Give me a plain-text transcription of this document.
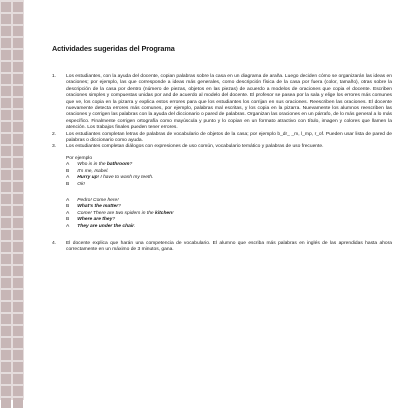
Actividades sugeridas del Programa
1. Los estudiantes, con la ayuda del docente, copian palabras sobre la casa en un diagrama de araña. Luego deciden cómo se organizarán las ideas en oraciones; por ejemplo, las que corresponde a ideas más generales, como descripción física de la casa por fuera (color, tamaño), otras sobre la descripción de la casa por dentro (número de piezas, objetos en las piezas) de acuerdo a modelos de oraciones que copia el docente. Escriben oraciones simples y compuestas unidas por and de acuerdo al modelo del docente. El profesor se pasea por la sala y elige los errores más comunes que ve, los copia en la pizarra y explica estos errores para que los estudiantes los corrijan en sus oraciones. Reescriben las oraciones. El docente nuevamente detecta errores más comunes, por ejemplo, palabras mal escritas, y los copia en la pizarra. Nuevamente los alumnos reescriben las oraciones y corrigen las palabras con la ayuda del diccionario o pared de palabras. Organizan las oraciones en un párrafo, de lo más general a lo más específico. Finalmente corrigen ortografía como mayúscula y punto y lo copian en un formato atractivo con título, imagen y colores que llamen la atención. Los trabajos finales pueden tener errores.
2. Los estudiantes completan letras de palabras de vocabulario de objetos de la casa; por ejemplo b_dr_ _m, l_mp, r_of. Pueden usar lista de pared de palabras o diccionario como ayuda.
3. Los estudiantes completan diálogos con expresiones de uso común, vocabulario temático y palabras de uso frecuente.
Por ejemplo
A Who is in the bathroom?
B It's me, Isabel.
A Hurry up! I have to wash my teeth.
B Ok!
A Pedro! Come here!
B What's the matter?
A Come! There are two spiders in the kitchen!
B Where are they?
A They are under the chair.
4. El docente explica que harán una competencia de vocabulario. El alumno que escriba más palabras en inglés de las aprendidas hasta ahora correctamente en un máximo de 3 minutos, gana.
